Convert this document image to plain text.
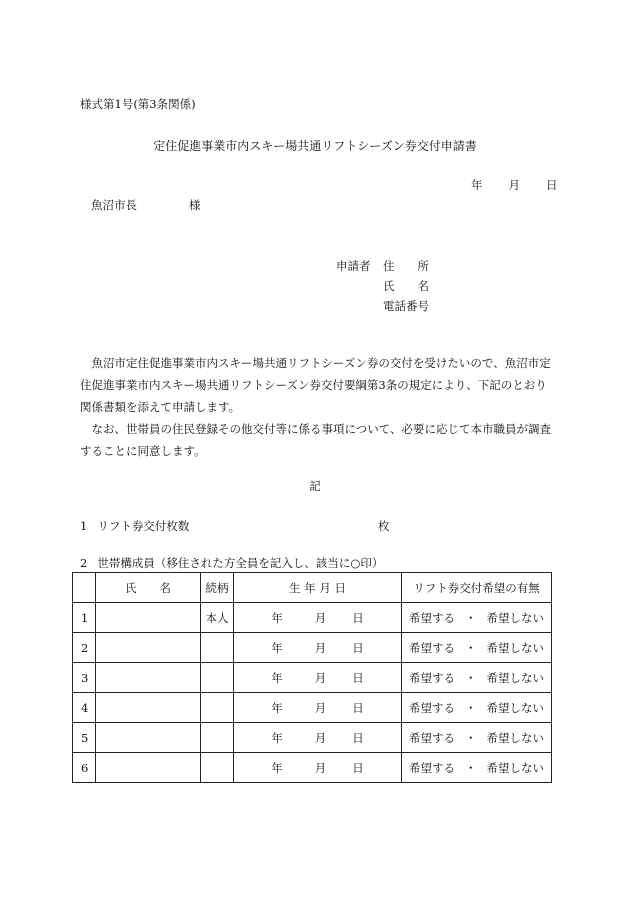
様式第1号(第3条関係)
定住促進事業市内スキー場共通リフトシーズン券交付申請書
年 月 日
魚沼市長	様
申請者 住　　所
氏　　名
電話番号

魚沼市定住促進事業市内スキー場共通リフトシーズン券の交付を受けたいので、魚沼市定住促進事業市内スキー場共通リフトシーズン券交付要綱第3条の規定により、下記のとおり関係書類を添えて申請します。

なお、世帯員の住民登録その他交付等に係る事項について、必要に応じて本市職員が調査することに同意します。

記
1 リフト券交付枚数	枚
2 世帯構成員（移住された方全員を記入し、該当に○印）
	氏　　名	続柄	生 年 月 日	リフト券交付希望の有無
1		本人	年 月 日	希望する ・ 希望しない

2			年 月 日	希望する ・ 希望しない

3			年 月 日	希望する ・ 希望しない

4			年 月 日	希望する ・ 希望しない

5			年 月 日	希望する ・ 希望しない

6			年 月 日	希望する ・ 希望しない
